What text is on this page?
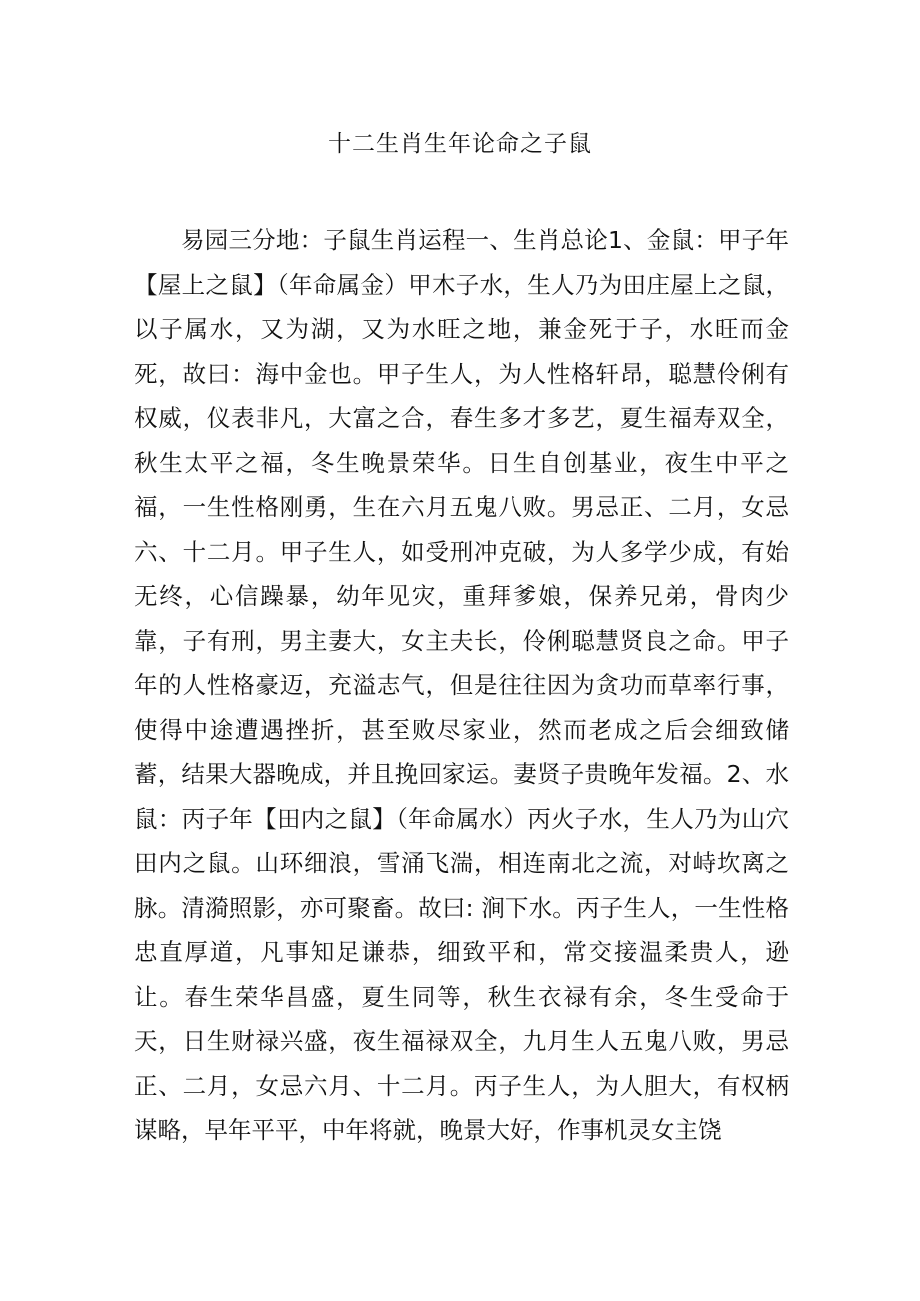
十二生肖生年论命之子鼠

易园三分地：子鼠生肖运程一、生肖总论1、金鼠：甲子年【屋上之鼠】（年命属金）甲木子水，生人乃为田庄屋上之鼠，以子属水，又为湖，又为水旺之地，兼金死于子，水旺而金死，故曰：海中金也。甲子生人，为人性格轩昂，聪慧伶俐有权威，仪表非凡，大富之合，春生多才多艺，夏生福寿双全，秋生太平之福，冬生晚景荣华。日生自创基业，夜生中平之福，一生性格刚勇，生在六月五鬼八败。男忌正、二月，女忌六、十二月。甲子生人，如受刑冲克破，为人多学少成，有始无终，心信躁暴，幼年见灾，重拜爹娘，保养兄弟，骨肉少靠，子有刑，男主妻大，女主夫长，伶俐聪慧贤良之命。甲子年的人性格豪迈，充溢志气，但是往往因为贪功而草率行事，使得中途遭遇挫折，甚至败尽家业，然而老成之后会细致储蓄，结果大器晚成，并且挽回家运。妻贤子贵晚年发福。2、水鼠：丙子年【田内之鼠】（年命属水）丙火子水，生人乃为山穴田内之鼠。山环细浪，雪涌飞湍，相连南北之流，对峙坎离之脉。清漪照影，亦可聚畜。故曰: 涧下水。丙子生人，一生性格忠直厚道，凡事知足谦恭，细致平和，常交接温柔贵人，逊让。春生荣华昌盛，夏生同等，秋生衣禄有余，冬生受命于天，日生财禄兴盛，夜生福禄双全，九月生人五鬼八败，男忌正、二月，女忌六月、十二月。丙子生人，为人胆大，有权柄谋略，早年平平，中年将就，晚景大好，作事机灵女主饶
